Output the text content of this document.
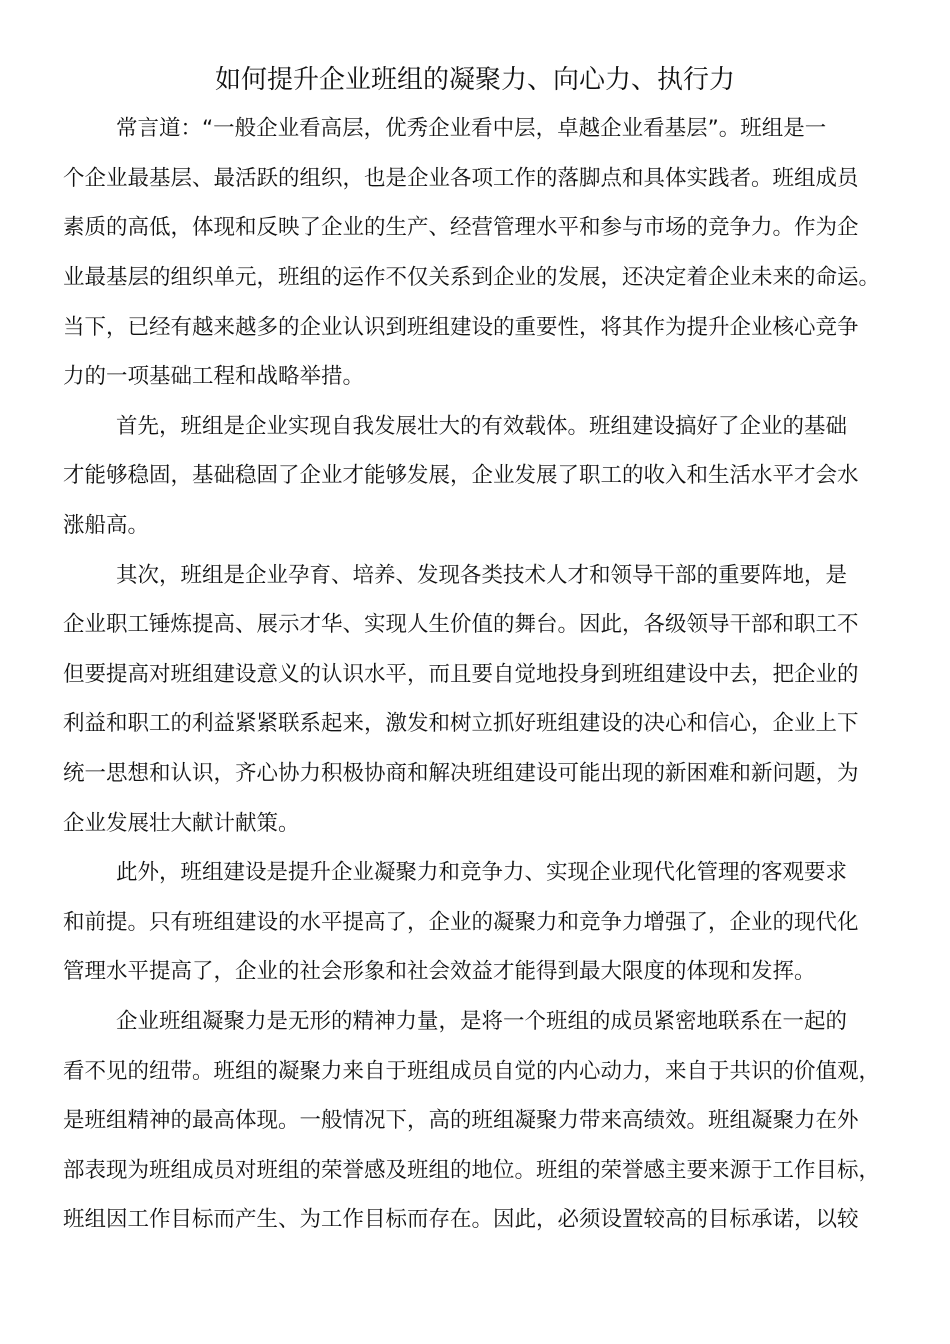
如何提升企业班组的凝聚力、向心力、执行力
常言道：“一般企业看高层，优秀企业看中层，卓越企业看基层”。班组是一
个企业最基层、最活跃的组织，也是企业各项工作的落脚点和具体实践者。班组成员
素质的高低，体现和反映了企业的生产、经营管理水平和参与市场的竞争力。作为企
业最基层的组织单元，班组的运作不仅关系到企业的发展，还决定着企业未来的命运。
当下，已经有越来越多的企业认识到班组建设的重要性，将其作为提升企业核心竞争
力的一项基础工程和战略举措。
首先，班组是企业实现自我发展壮大的有效载体。班组建设搞好了企业的基础
才能够稳固，基础稳固了企业才能够发展，企业发展了职工的收入和生活水平才会水
涨船高。
其次，班组是企业孕育、培养、发现各类技术人才和领导干部的重要阵地，是
企业职工锤炼提高、展示才华、实现人生价值的舞台。因此，各级领导干部和职工不
但要提高对班组建设意义的认识水平，而且要自觉地投身到班组建设中去，把企业的
利益和职工的利益紧紧联系起来，激发和树立抓好班组建设的决心和信心，企业上下
统一思想和认识，齐心协力积极协商和解决班组建设可能出现的新困难和新问题，为
企业发展壮大献计献策。
此外，班组建设是提升企业凝聚力和竞争力、实现企业现代化管理的客观要求
和前提。只有班组建设的水平提高了，企业的凝聚力和竞争力增强了，企业的现代化
管理水平提高了，企业的社会形象和社会效益才能得到最大限度的体现和发挥。
企业班组凝聚力是无形的精神力量，是将一个班组的成员紧密地联系在一起的
看不见的纽带。班组的凝聚力来自于班组成员自觉的内心动力，来自于共识的价值观，
是班组精神的最高体现。一般情况下，高的班组凝聚力带来高绩效。班组凝聚力在外
部表现为班组成员对班组的荣誉感及班组的地位。班组的荣誉感主要来源于工作目标，
班组因工作目标而产生、为工作目标而存在。因此，必须设置较高的目标承诺，以较
